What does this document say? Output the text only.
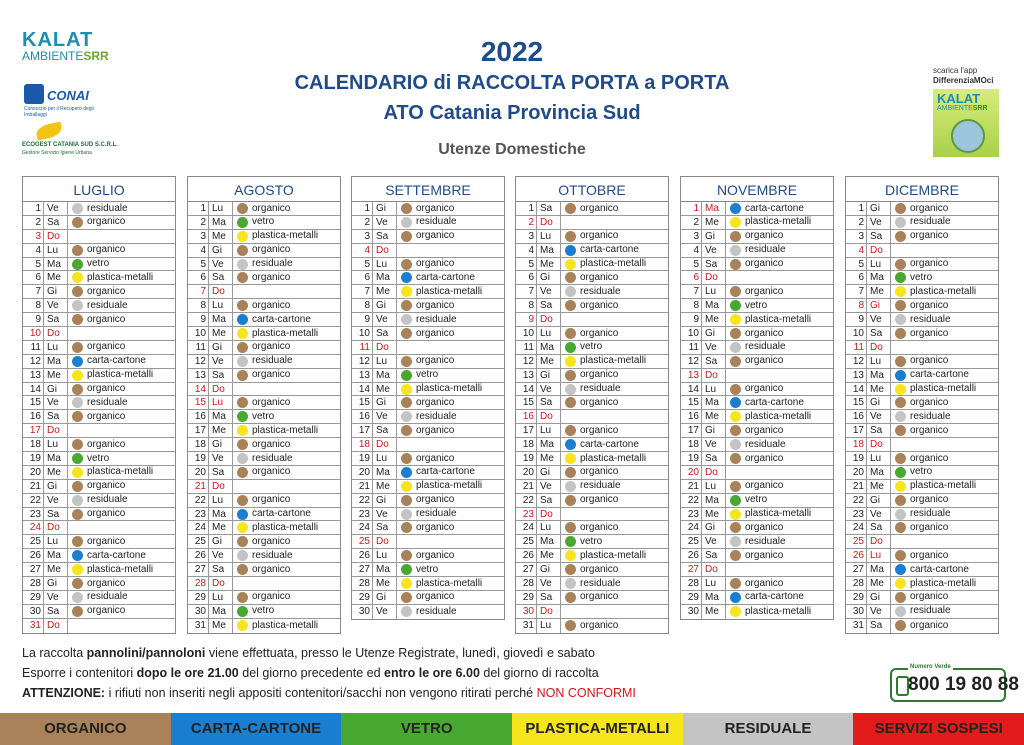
KALAT
AMBIENTESRR
CONAI
Consorzio per il Recupero degli Imballaggi
ECOGEST CATANIA SUD S.C.R.L.
Gestore Servizio Igiene Urbana
2022
CALENDARIO di RACCOLTA PORTA a PORTA
ATO Catania Provincia Sud
Utenze Domestiche
scarica l'app
DifferenziaMOci
KALAT
AMBIENTESRR
LUGLIO
1 Ve	residuale
2 Sa	organico
3 Do
4 Lu	organico
5 Ma	vetro
6 Me	plastica-metalli
7 Gi	organico
8 Ve	residuale
9 Sa	organico
10 Do
11 Lu	organico
12 Ma	carta-cartone
13 Me	plastica-metalli
14 Gi	organico
15 Ve	residuale
16 Sa	organico
17 Do
18 Lu	organico
19 Ma	vetro
20 Me	plastica-metalli
21 Gi	organico
22 Ve	residuale
23 Sa	organico
24 Do
25 Lu	organico
26 Ma	carta-cartone
27 Me	plastica-metalli
28 Gi	organico
29 Ve	residuale
30 Sa	organico
31 Do
AGOSTO
1 Lu	organico
2 Ma	vetro
3 Me	plastica-metalli
4 Gi	organico
5 Ve	residuale
6 Sa	organico
7 Do
8 Lu	organico
9 Ma	carta-cartone
10 Me	plastica-metalli
11 Gi	organico
12 Ve	residuale
13 Sa	organico
14 Do
15 Lu	organico
16 Ma	vetro
17 Me	plastica-metalli
18 Gi	organico
19 Ve	residuale
20 Sa	organico
21 Do
22 Lu	organico
23 Ma	carta-cartone
24 Me	plastica-metalli
25 Gi	organico
26 Ve	residuale
27 Sa	organico
28 Do
29 Lu	organico
30 Ma	vetro
31 Me	plastica-metalli
SETTEMBRE
1 Gi	organico
2 Ve	residuale
3 Sa	organico
4 Do
5 Lu	organico
6 Ma	carta-cartone
7 Me	plastica-metalli
8 Gi	organico
9 Ve	residuale
10 Sa	organico
11 Do
12 Lu	organico
13 Ma	vetro
14 Me	plastica-metalli
15 Gi	organico
16 Ve	residuale
17 Sa	organico
18 Do
19 Lu	organico
20 Ma	carta-cartone
21 Me	plastica-metalli
22 Gi	organico
23 Ve	residuale
24 Sa	organico
25 Do
26 Lu	organico
27 Ma	vetro
28 Me	plastica-metalli
29 Gi	organico
30 Ve	residuale
OTTOBRE
1 Sa	organico
2 Do
3 Lu	organico
4 Ma	carta-cartone
5 Me	plastica-metalli
6 Gi	organico
7 Ve	residuale
8 Sa	organico
9 Do
10 Lu	organico
11 Ma	vetro
12 Me	plastica-metalli
13 Gi	organico
14 Ve	residuale
15 Sa	organico
16 Do
17 Lu	organico
18 Ma	carta-cartone
19 Me	plastica-metalli
20 Gi	organico
21 Ve	residuale
22 Sa	organico
23 Do
24 Lu	organico
25 Ma	vetro
26 Me	plastica-metalli
27 Gi	organico
28 Ve	residuale
29 Sa	organico
30 Do
31 Lu	organico
NOVEMBRE
1 Ma	carta-cartone
2 Me	plastica-metalli
3 Gi	organico
4 Ve	residuale
5 Sa	organico
6 Do
7 Lu	organico
8 Ma	vetro
9 Me	plastica-metalli
10 Gi	organico
11 Ve	residuale
12 Sa	organico
13 Do
14 Lu	organico
15 Ma	carta-cartone
16 Me	plastica-metalli
17 Gi	organico
18 Ve	residuale
19 Sa	organico
20 Do
21 Lu	organico
22 Ma	vetro
23 Me	plastica-metalli
24 Gi	organico
25 Ve	residuale
26 Sa	organico
27 Do
28 Lu	organico
29 Ma	carta-cartone
30 Me	plastica-metalli
DICEMBRE
1 Gi	organico
2 Ve	residuale
3 Sa	organico
4 Do
5 Lu	organico
6 Ma	vetro
7 Me	plastica-metalli
8 Gi	organico
9 Ve	residuale
10 Sa	organico
11 Do
12 Lu	organico
13 Ma	carta-cartone
14 Me	plastica-metalli
15 Gi	organico
16 Ve	residuale
17 Sa	organico
18 Do
19 Lu	organico
20 Ma	vetro
21 Me	plastica-metalli
22 Gi	organico
23 Ve	residuale
24 Sa	organico
25 Do
26 Lu	organico
27 Ma	carta-cartone
28 Me	plastica-metalli
29 Gi	organico
30 Ve	residuale
31 Sa	organico
La raccolta pannolini/pannoloni viene effettuata, presso le Utenze Registrate, lunedì, giovedì e sabato
Esporre i contenitori dopo le ore 21.00 del giorno precedente ed entro le ore 6.00 del giorno di raccolta
ATTENZIONE: i rifiuti non inseriti negli appositi contenitori/sacchi non vengono ritirati perché NON CONFORMI
Numero Verde
800 19 80 88
ORGANICO	CARTA-CARTONE	VETRO	PLASTICA-METALLI	RESIDUALE	SERVIZI SOSPESI
